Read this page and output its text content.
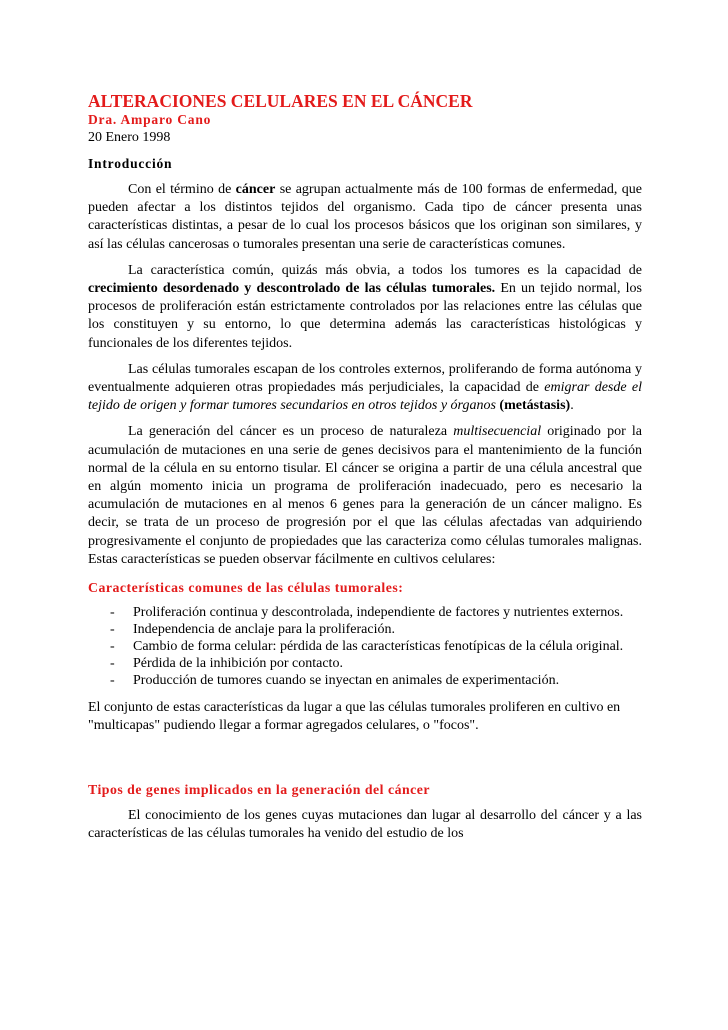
ALTERACIONES CELULARES EN EL CÁNCER
Dra. Amparo Cano
20 Enero 1998
Introducción

Con el término de cáncer se agrupan actualmente más de 100 formas de enfermedad, que pueden afectar a los distintos tejidos del organismo. Cada tipo de cáncer presenta unas características distintas, a pesar de lo cual los procesos básicos que los originan son similares, y así las células cancerosas o tumorales presentan una serie de características comunes.

La característica común, quizás más obvia, a todos los tumores es la capacidad de crecimiento desordenado y descontrolado de las células tumorales. En un tejido normal, los procesos de proliferación están estrictamente controlados por las relaciones entre las células que los constituyen y su entorno, lo que determina además las características histológicas y funcionales de los diferentes tejidos.

Las células tumorales escapan de los controles externos, proliferando de forma autónoma y eventualmente adquieren otras propiedades más perjudiciales, la capacidad de emigrar desde el tejido de origen y formar tumores secundarios en otros tejidos y órganos (metástasis).

La generación del cáncer es un proceso de naturaleza multisecuencial originado por la acumulación de mutaciones en una serie de genes decisivos para el mantenimiento de la función normal de la célula en su entorno tisular. El cáncer se origina a partir de una célula ancestral que en algún momento inicia un programa de proliferación inadecuado, pero es necesario la acumulación de mutaciones en al menos 6 genes para la generación de un cáncer maligno. Es decir, se trata de un proceso de progresión por el que las células afectadas van adquiriendo progresivamente el conjunto de propiedades que las caracteriza como células tumorales malignas. Estas características se pueden observar fácilmente en cultivos celulares:

Características comunes de las células tumorales:
- Proliferación continua y descontrolada, independiente de factores y nutrientes externos.
- Independencia de anclaje para la proliferación.
- Cambio de forma celular: pérdida de las características fenotípicas de la célula original.
- Pérdida de la inhibición por contacto.
- Producción de tumores cuando se inyectan en animales de experimentación.

El conjunto de estas características da lugar a que las células tumorales proliferen en cultivo en "multicapas" pudiendo llegar a formar agregados celulares, o "focos".

Tipos de genes implicados en la generación del cáncer

El conocimiento de los genes cuyas mutaciones dan lugar al desarrollo del cáncer y a las características de las células tumorales ha venido del estudio de los
